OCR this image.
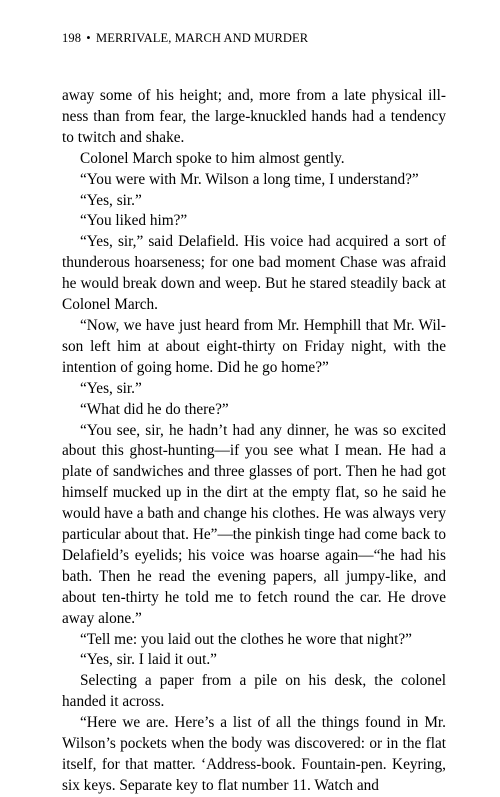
198 • MERRIVALE, MARCH AND MURDER

away some of his height; and, more from a late physical illness than from fear, the large-knuckled hands had a tendency to twitch and shake.

Colonel March spoke to him almost gently.

“You were with Mr. Wilson a long time, I understand?”

“Yes, sir.”

“You liked him?”

“Yes, sir,” said Delafield. His voice had acquired a sort of thunderous hoarseness; for one bad moment Chase was afraid he would break down and weep. But he stared steadily back at Colonel March.

“Now, we have just heard from Mr. Hemphill that Mr. Wilson left him at about eight-thirty on Friday night, with the intention of going home. Did he go home?”

“Yes, sir.”

“What did he do there?”

“You see, sir, he hadn’t had any dinner, he was so excited about this ghost-hunting—if you see what I mean. He had a plate of sandwiches and three glasses of port. Then he had got himself mucked up in the dirt at the empty flat, so he said he would have a bath and change his clothes. He was always very particular about that. He”—the pinkish tinge had come back to Delafield’s eyelids; his voice was hoarse again—“he had his bath. Then he read the evening papers, all jumpy-like, and about ten-thirty he told me to fetch round the car. He drove away alone.”

“Tell me: you laid out the clothes he wore that night?”

“Yes, sir. I laid it out.”

Selecting a paper from a pile on his desk, the colonel handed it across.

“Here we are. Here’s a list of all the things found in Mr. Wilson’s pockets when the body was discovered: or in the flat itself, for that matter. ‘Address-book. Fountain-pen. Keyring, six keys. Separate key to flat number 11. Watch and
